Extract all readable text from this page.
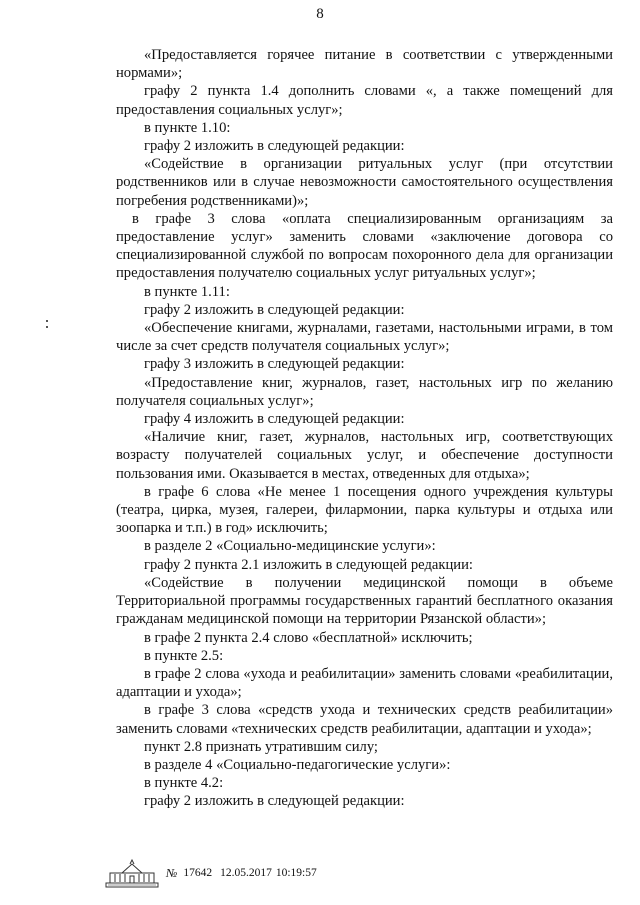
8

«Предоставляется горячее питание в соответствии с утвержденными нормами»;

графу 2 пункта 1.4 дополнить словами «, а также помещений для предоставления социальных услуг»;

в пункте 1.10:

графу 2 изложить в следующей редакции:

«Содействие в организации ритуальных услуг (при отсутствии родственников или в случае невозможности самостоятельного осуществления погребения родственниками)»;

в графе 3 слова «оплата специализированным организациям за предоставление услуг» заменить словами «заключение договора со специализированной службой по вопросам похоронного дела для организации предоставления получателю социальных услуг ритуальных услуг»;

в пункте 1.11:

графу 2 изложить в следующей редакции:

«Обеспечение книгами, журналами, газетами, настольными играми, в том числе за счет средств получателя социальных услуг»;

графу 3 изложить в следующей редакции:

«Предоставление книг, журналов, газет, настольных игр по желанию получателя социальных услуг»;

графу 4 изложить в следующей редакции:

«Наличие книг, газет, журналов, настольных игр, соответствующих возрасту получателей социальных услуг, и обеспечение доступности пользования ими. Оказывается в местах, отведенных для отдыха»;

в графе 6 слова «Не менее 1 посещения одного учреждения культуры (театра, цирка, музея, галереи, филармонии, парка культуры и отдыха или зоопарка и т.п.) в год» исключить;

в разделе 2 «Социально-медицинские услуги»:

графу 2 пункта 2.1 изложить в следующей редакции:

«Содействие в получении медицинской помощи в объеме Территориальной программы государственных гарантий бесплатного оказания гражданам медицинской помощи на территории Рязанской области»;

в графе 2 пункта 2.4 слово «бесплатной» исключить;

в пункте 2.5:

в графе 2 слова «ухода и реабилитации» заменить словами «реабилитации, адаптации и ухода»;

в графе 3 слова «средств ухода и технических средств реабилитации» заменить словами «технических средств реабилитации, адаптации и ухода»;

пункт 2.8 признать утратившим силу;

в разделе 4 «Социально-педагогические услуги»:

в пункте 4.2:

графу 2 изложить в следующей редакции:

№ 17642 12.05.2017 10:19:57
